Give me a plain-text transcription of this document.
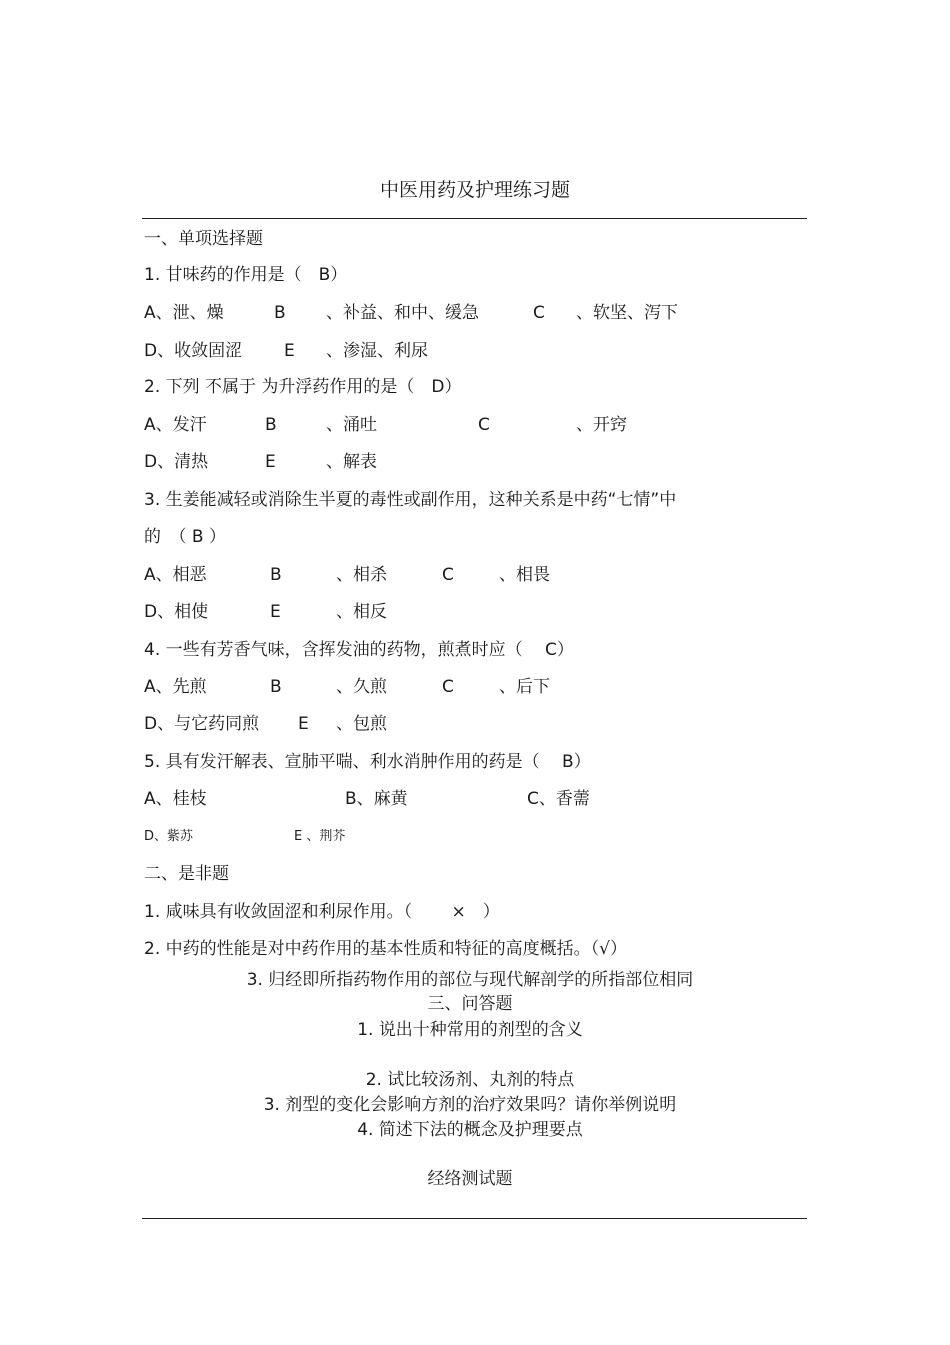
中医用药及护理练习题
一、单项选择题
1. 甘味药的作用是（　B）
A、泄、燥	B 、补益、和中、缓急	C 、软坚、泻下
D、收敛固涩 E 、渗湿、利尿
2. 下列 不属于 为升浮药作用的是（　D）
A、发汗	B	、涌吐	C	、开窍
D、清热	E	、解表
3. 生姜能减轻或消除生半夏的毒性或副作用，这种关系是中药“七情”中
的　（ B ）
A、相恶	B	、相杀	C	、相畏
D、相使	E	、相反
4. 一些有芳香气味，含挥发油的药物，煎煮时应（　 C）
A、先煎	B	、久煎	C	、后下
D、与它药同煎 E 、包煎
5. 具有发汗解表、宣肺平喘、利水消肿作用的药是（　 B）
A、桂枝	B、麻黄	C、香薷
D、紫苏	E 、荆芥
二、是非题
1. 咸味具有收敛固涩和利尿作用。（　　 ×　）
2. 中药的性能是对中药作用的基本性质和特征的高度概括。（√）
3. 归经即所指药物作用的部位与现代解剖学的所指部位相同
三、问答题
1. 说出十种常用的剂型的含义
2. 试比较汤剂、丸剂的特点
3. 剂型的变化会影响方剂的治疗效果吗？请你举例说明
4. 简述下法的概念及护理要点
经络测试题
